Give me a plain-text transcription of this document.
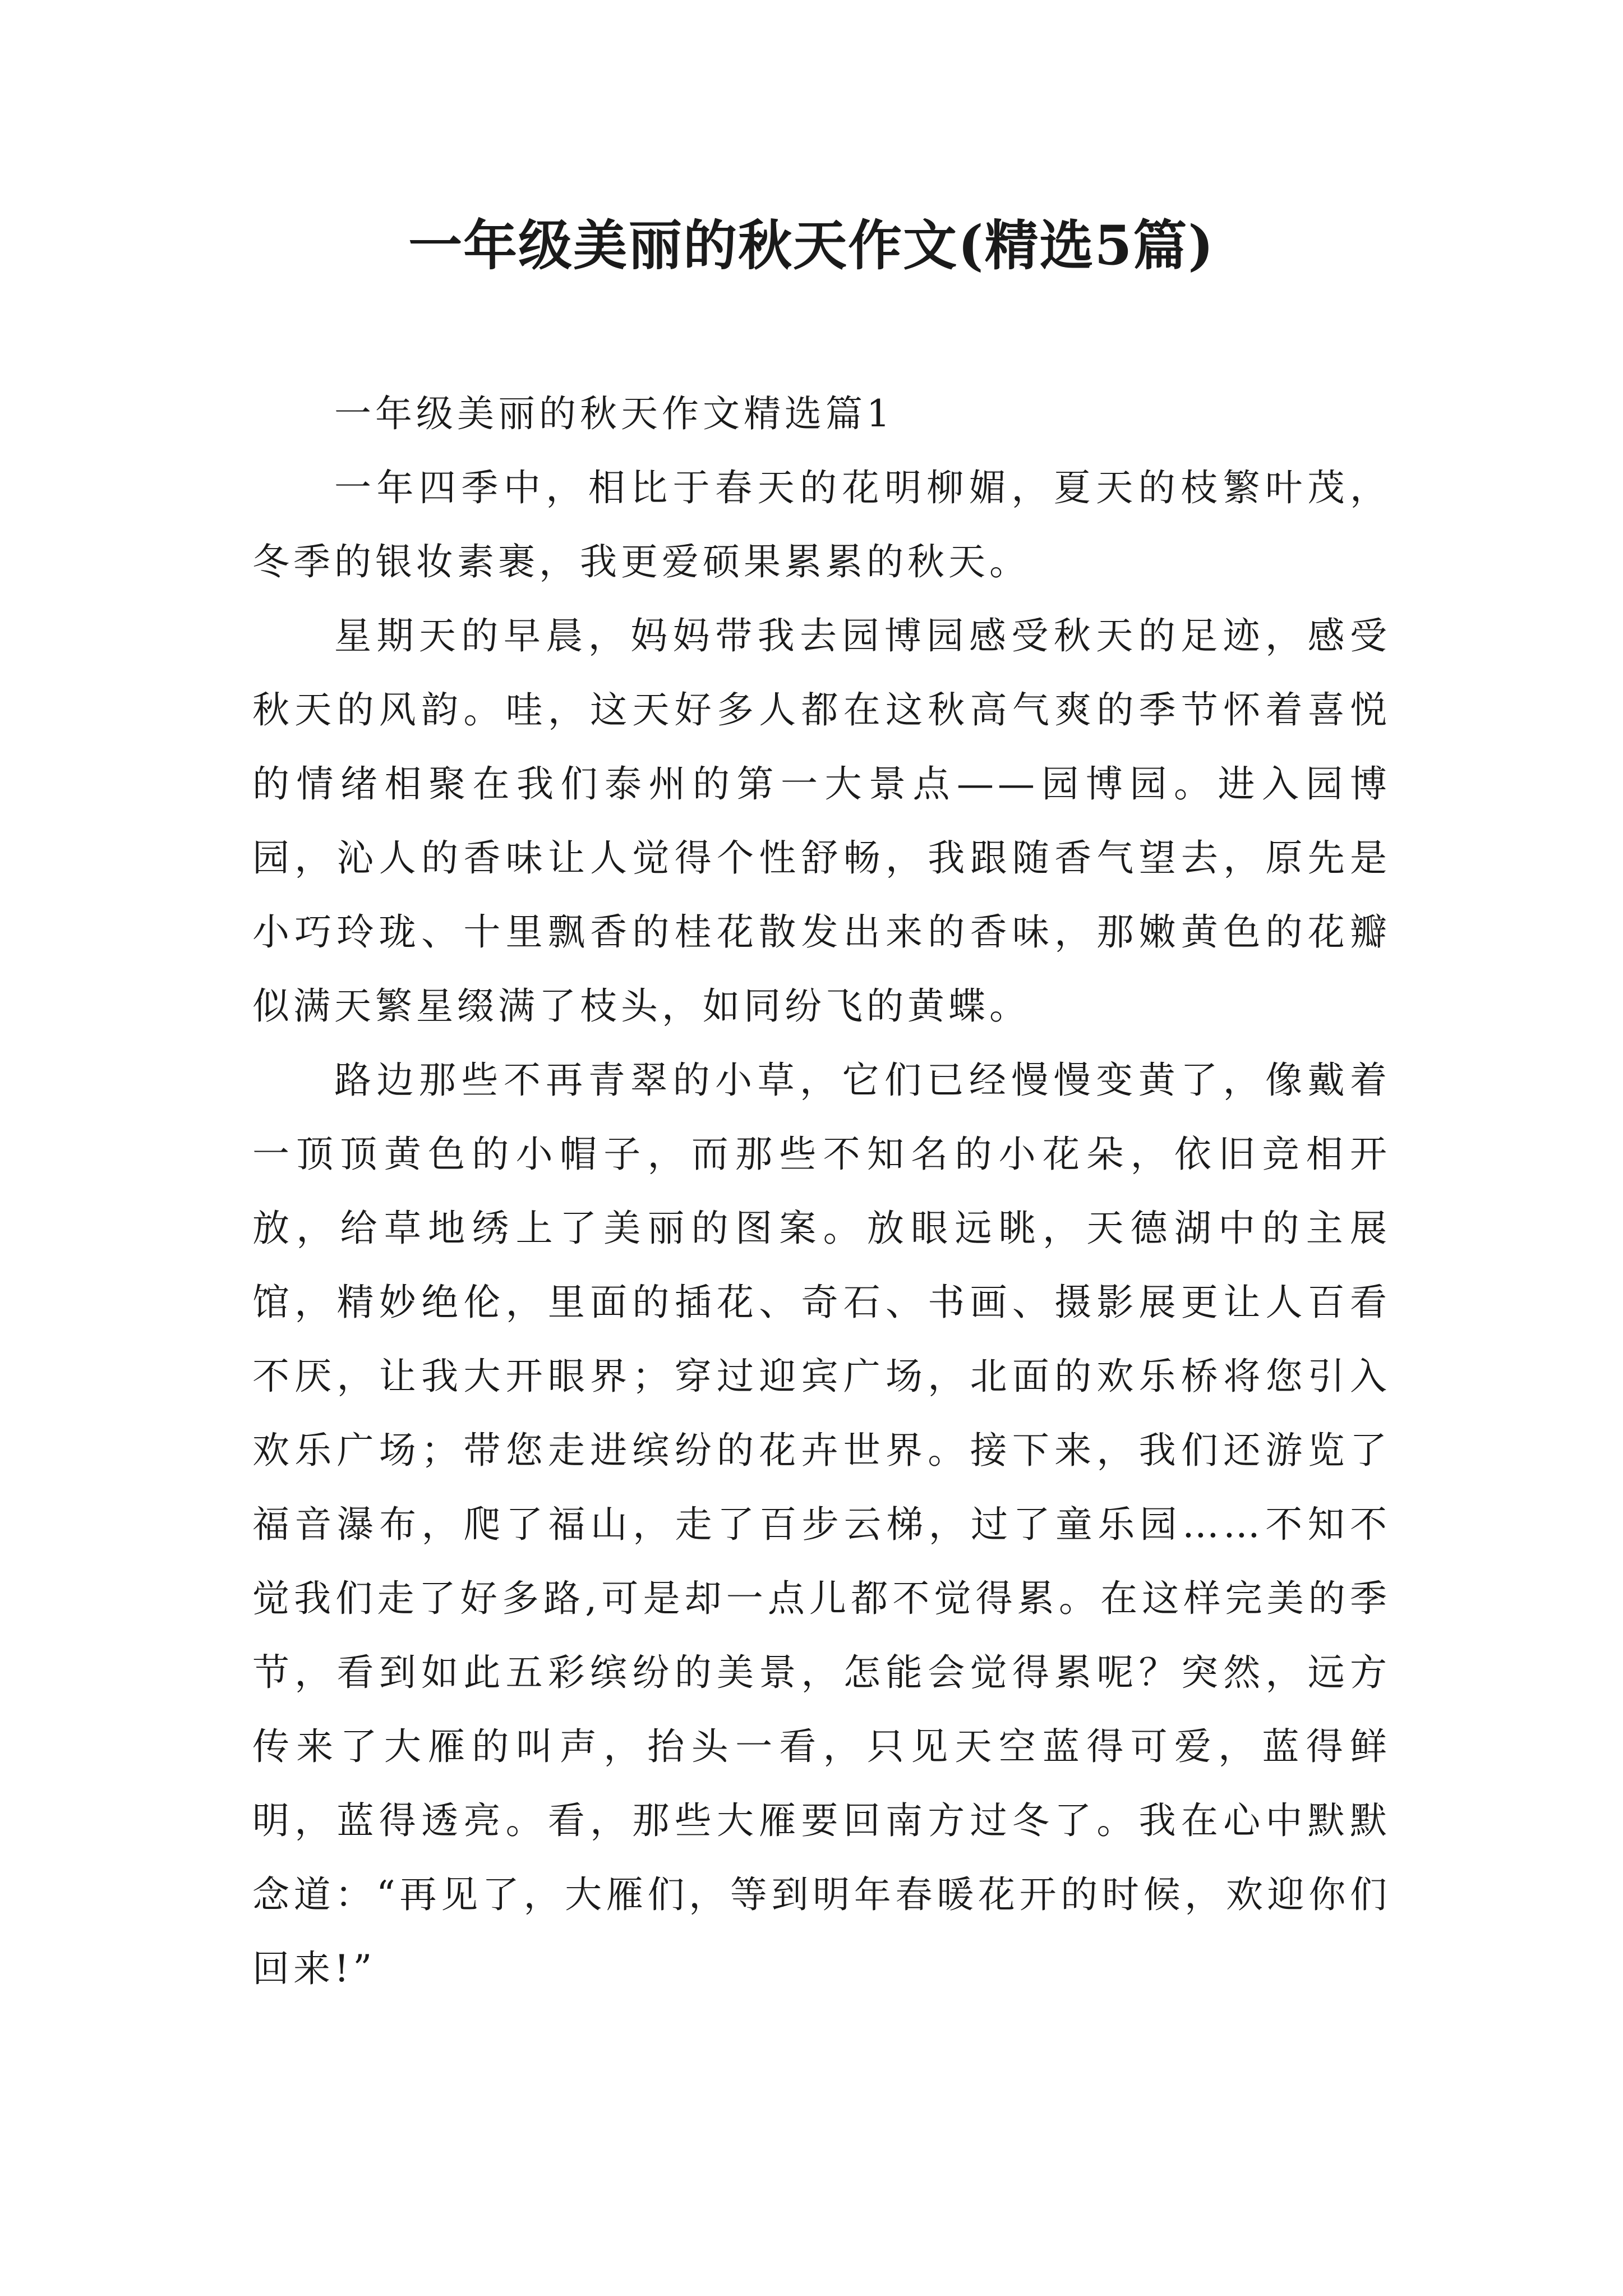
一年级美丽的秋天作文(精选5篇)

一年级美丽的秋天作文精选篇1

一年四季中，相比于春天的花明柳媚，夏天的枝繁叶茂，冬季的银妆素裹，我更爱硕果累累的秋天。

星期天的早晨，妈妈带我去园博园感受秋天的足迹，感受秋天的风韵。哇，这天好多人都在这秋高气爽的季节怀着喜悦的情绪相聚在我们泰州的第一大景点——园博园。进入园博园，沁人的香味让人觉得个性舒畅，我跟随香气望去，原先是小巧玲珑、十里飘香的桂花散发出来的香味，那嫩黄色的花瓣似满天繁星缀满了枝头，如同纷飞的黄蝶。

路边那些不再青翠的小草，它们已经慢慢变黄了，像戴着一顶顶黄色的小帽子，而那些不知名的小花朵，依旧竞相开放，给草地绣上了美丽的图案。放眼远眺，天德湖中的主展馆，精妙绝伦，里面的插花、奇石、书画、摄影展更让人百看不厌，让我大开眼界；穿过迎宾广场，北面的欢乐桥将您引入欢乐广场；带您走进缤纷的花卉世界。接下来，我们还游览了福音瀑布，爬了福山，走了百步云梯，过了童乐园……不知不觉我们走了好多路,可是却一点儿都不觉得累。在这样完美的季节，看到如此五彩缤纷的美景，怎能会觉得累呢？突然，远方传来了大雁的叫声，抬头一看，只见天空蓝得可爱，蓝得鲜明，蓝得透亮。看，那些大雁要回南方过冬了。我在心中默默念道：“再见了，大雁们，等到明年春暖花开的时候，欢迎你们回来!”
